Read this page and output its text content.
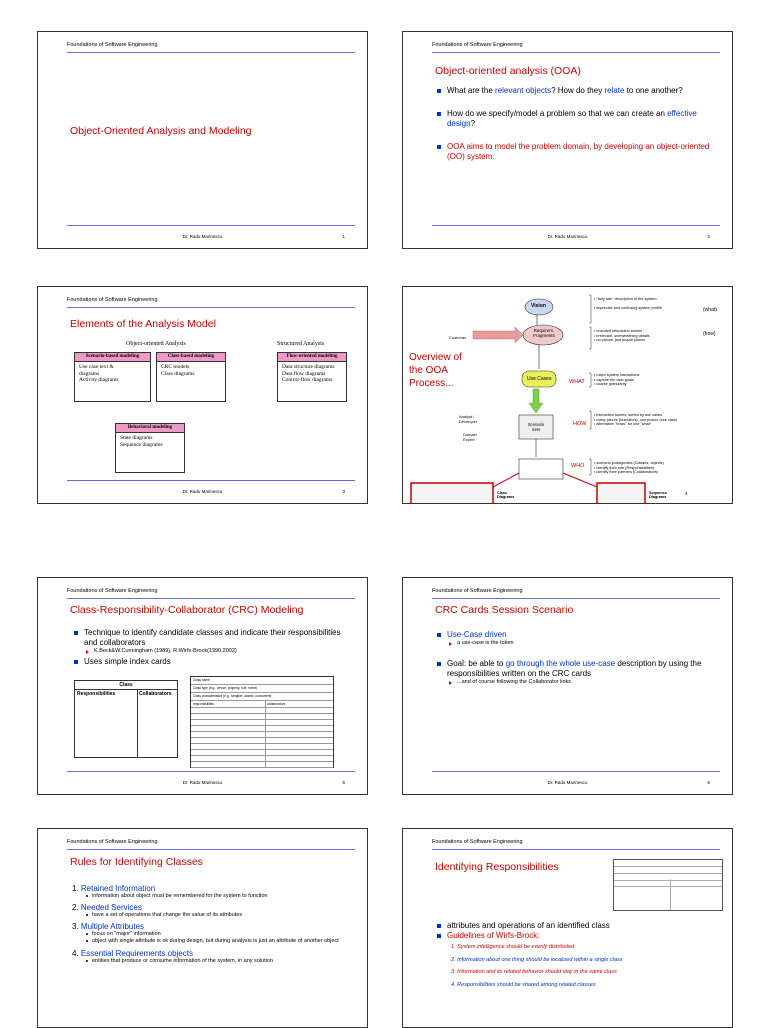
Foundations of Software Engineering
Object-Oriented Analysis and Modeling
Dr. Radu Marinescu	1
Foundations of Software Engineering
Object-oriented analysis (OOA)

What are the relevant objects? How do they relate to one another?

How do we specify/model a problem so that we can create an effective design?

OOA aims to model the problem domain, by developing an object-oriented (OO) system.

Dr. Radu Marinescu	2
Foundations of Software Engineering
Elements of the Analysis Model
Object-oriented Analysis	Structured Analysis
Scenario-based modeling
Use case text &
diagrams
Activity diagrams
Class-based modeling
CRC models
Class diagrams
Flow-oriented modeling
Data structure diagrams
Data flow diagrams
Control-flow diagrams
Behavioral modeling
State diagrams
Sequence diagrams
Dr. Radu Marinescu	3
Overview of the OOA Process...
Vision
Requirem. Fragments
Customer
Use Cases
Scenario Sets
Analyst / Developer
Domain Expert
(what)
(how)
WHAT
HOW
WHO
• "fairy tale" description of the system

• imprecise and confusing system profile
• unsorted interaction stories
• irrelevant, overwhelming details
• no picture, just puzzle pieces
• major system interactions
• capture the user goals
• coarse granularity
• interaction stories, sorted by use cases
• many pieces (scenarios), one picture (use case)
• alternative "hows" for one "what"
• scenario protagonists (Classes, objects)
• identify their role (Responsibilities)
• identify their partners (Collaborators)
Class Diagrams
Sequence Diagrams
4
Foundations of Software Engineering
Class-Responsibility-Collaborator (CRC) Modeling

Technique to identify candidate classes and indicate their responsibilities and collaborators

K.Beck&W.Cunningham (1989), R.Wirfs-Brock(1990,2002)

Uses simple index cards

Class
Responsibilities	Collaborators
Class name
Class type (e.g., device, property, role, event)
Class characteristics (e.g., tangible, atomic, concurrent)
responsibilities	collaborators
Dr. Radu Marinescu	5
Foundations of Software Engineering
CRC Cards Session Scenario

Use-Case driven

a use-case is the token

Goal: be able to go through the whole use-case description by using the responsibilities written on the CRC cards

...and of course following the Collaborator links
Dr. Radu Marinescu	6
Foundations of Software Engineering
Rules for Identifying Classes

1. Retained Information

information about object must be remembered for the system to function

2. Needed Services

have a set of operations that change the value of its attributes

3. Multiple Attributes

focus on "major" information
object with single attribute is ok during design, but during analysis is just an attribute of another object

4. Essential Requirements objects

entities that produce or consume information of the system, in any solution
Foundations of Software Engineering
Identifying Responsibilities

attributes and operations of an identified class

Guidelines of Wirfs-Brock:

1. System intelligence should be evenly distributed

2. Information about one thing should be localized within a single class

3. Information and its related behavior should stay in the same class

4. Responsibilities should be shared among related classes
